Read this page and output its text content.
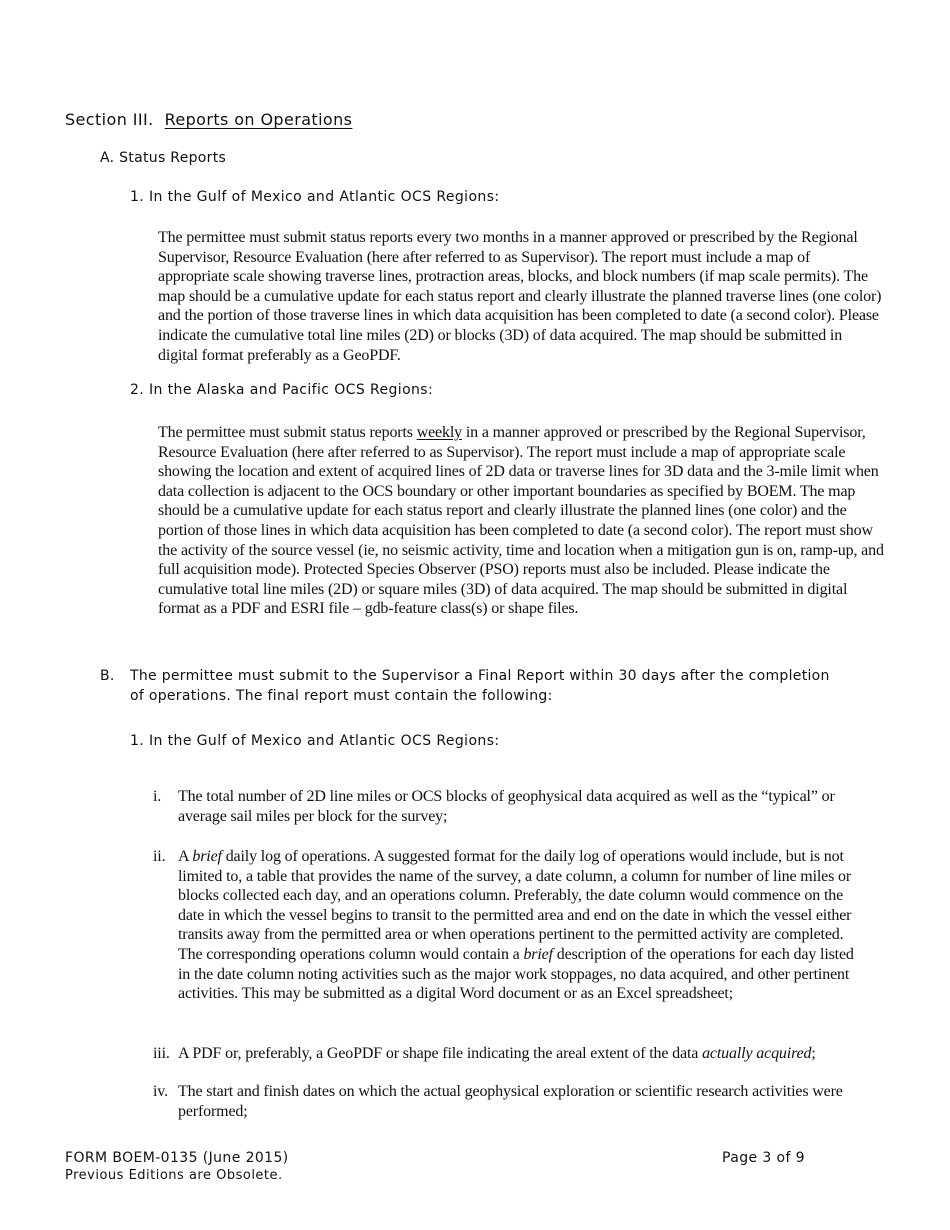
Section III. Reports on Operations
A. Status Reports
1. In the Gulf of Mexico and Atlantic OCS Regions:

The permittee must submit status reports every two months in a manner approved or prescribed by the Regional Supervisor, Resource Evaluation (here after referred to as Supervisor). The report must include a map of appropriate scale showing traverse lines, protraction areas, blocks, and block numbers (if map scale permits). The map should be a cumulative update for each status report and clearly illustrate the planned traverse lines (one color) and the portion of those traverse lines in which data acquisition has been completed to date (a second color). Please indicate the cumulative total line miles (2D) or blocks (3D) of data acquired. The map should be submitted in digital format preferably as a GeoPDF.

2. In the Alaska and Pacific OCS Regions:

The permittee must submit status reports weekly in a manner approved or prescribed by the Regional Supervisor, Resource Evaluation (here after referred to as Supervisor). The report must include a map of appropriate scale showing the location and extent of acquired lines of 2D data or traverse lines for 3D data and the 3-mile limit when data collection is adjacent to the OCS boundary or other important boundaries as specified by BOEM. The map should be a cumulative update for each status report and clearly illustrate the planned lines (one color) and the portion of those lines in which data acquisition has been completed to date (a second color). The report must show the activity of the source vessel (ie, no seismic activity, time and location when a mitigation gun is on, ramp-up, and full acquisition mode). Protected Species Observer (PSO) reports must also be included. Please indicate the cumulative total line miles (2D) or square miles (3D) of data acquired. The map should be submitted in digital format as a PDF and ESRI file – gdb-feature class(s) or shape files.

B. The permittee must submit to the Supervisor a Final Report within 30 days after the completion of operations. The final report must contain the following:
1. In the Gulf of Mexico and Atlantic OCS Regions:
i. The total number of 2D line miles or OCS blocks of geophysical data acquired as well as the “typical” or average sail miles per block for the survey;
ii. A brief daily log of operations. A suggested format for the daily log of operations would include, but is not limited to, a table that provides the name of the survey, a date column, a column for number of line miles or blocks collected each day, and an operations column. Preferably, the date column would commence on the date in which the vessel begins to transit to the permitted area and end on the date in which the vessel either transits away from the permitted area or when operations pertinent to the permitted activity are completed. The corresponding operations column would contain a brief description of the operations for each day listed in the date column noting activities such as the major work stoppages, no data acquired, and other pertinent activities. This may be submitted as a digital Word document or as an Excel spreadsheet;
iii. A PDF or, preferably, a GeoPDF or shape file indicating the areal extent of the data actually acquired;
iv. The start and finish dates on which the actual geophysical exploration or scientific research activities were performed;
FORM BOEM-0135 (June 2015)
Previous Editions are Obsolete.
Page 3 of 9
